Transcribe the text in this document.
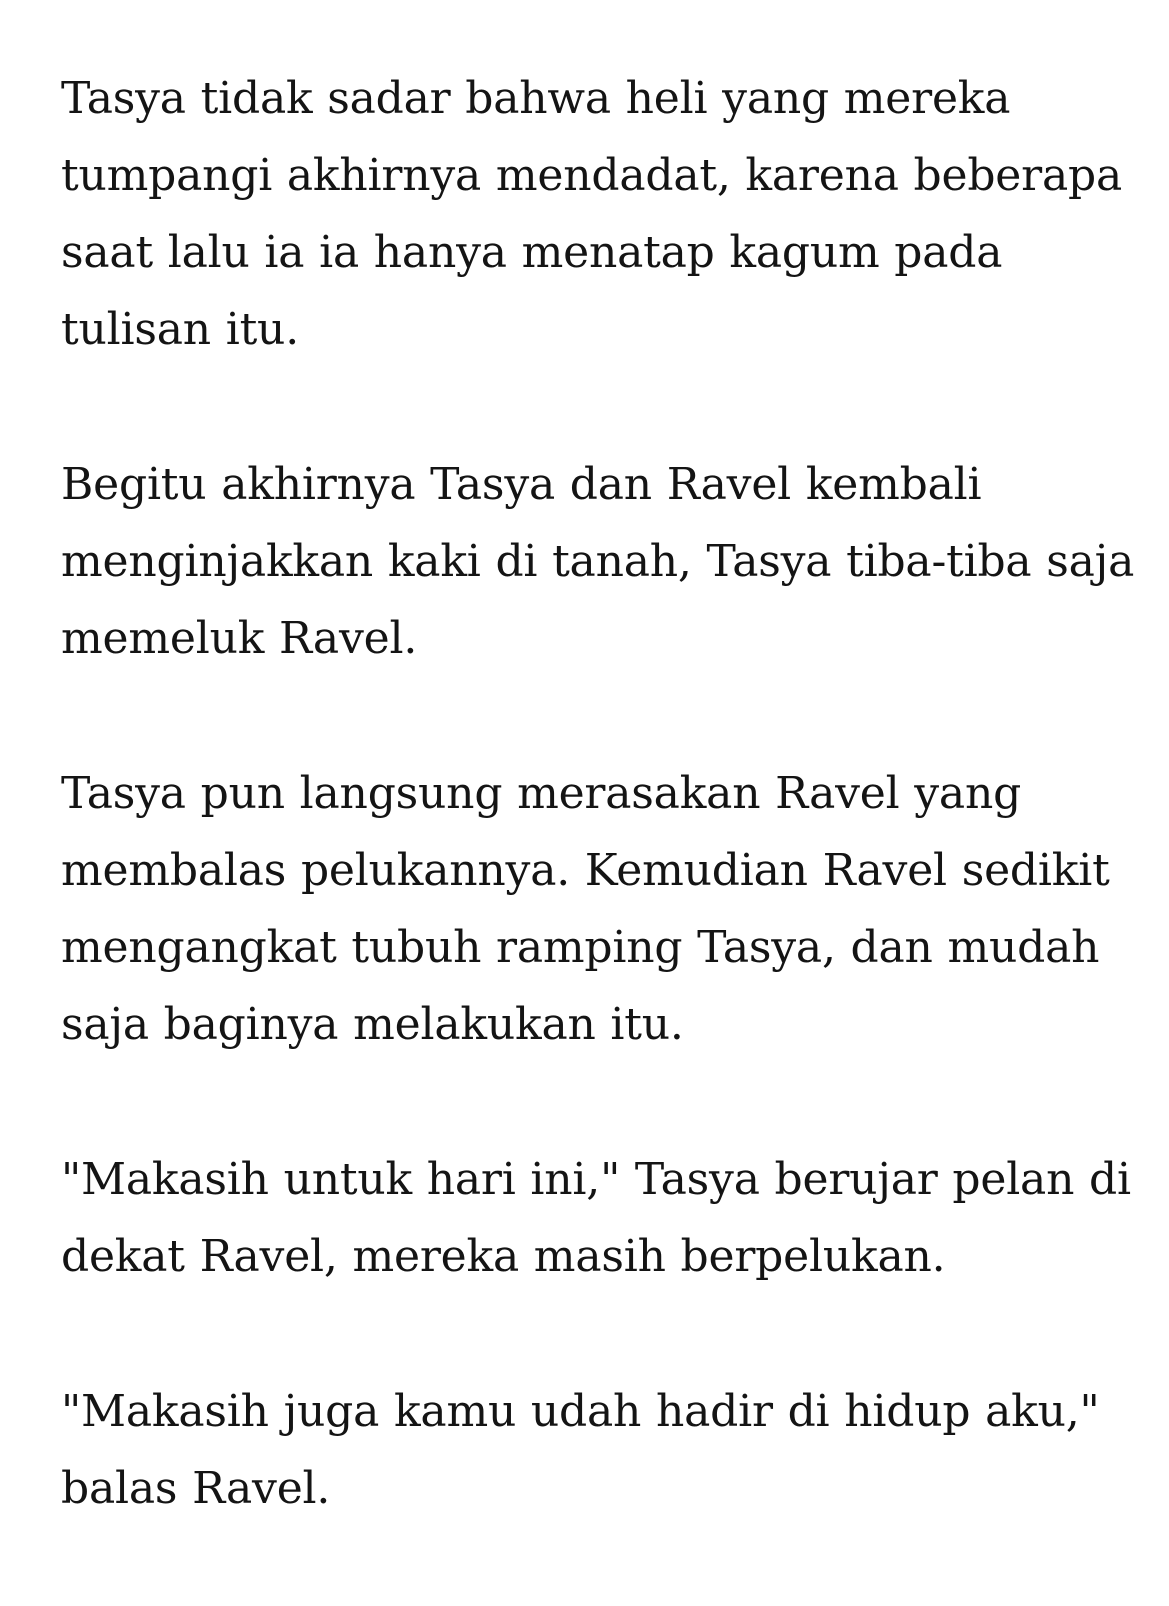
Tasya tidak sadar bahwa heli yang mereka
tumpangi akhirnya mendadat, karena beberapa
saat lalu ia ia hanya menatap kagum pada
tulisan itu.

Begitu akhirnya Tasya dan Ravel kembali
menginjakkan kaki di tanah, Tasya tiba-tiba saja
memeluk Ravel.

Tasya pun langsung merasakan Ravel yang
membalas pelukannya. Kemudian Ravel sedikit
mengangkat tubuh ramping Tasya, dan mudah
saja baginya melakukan itu.

"Makasih untuk hari ini," Tasya berujar pelan di
dekat Ravel, mereka masih berpelukan.

"Makasih juga kamu udah hadir di hidup aku,"
balas Ravel.
